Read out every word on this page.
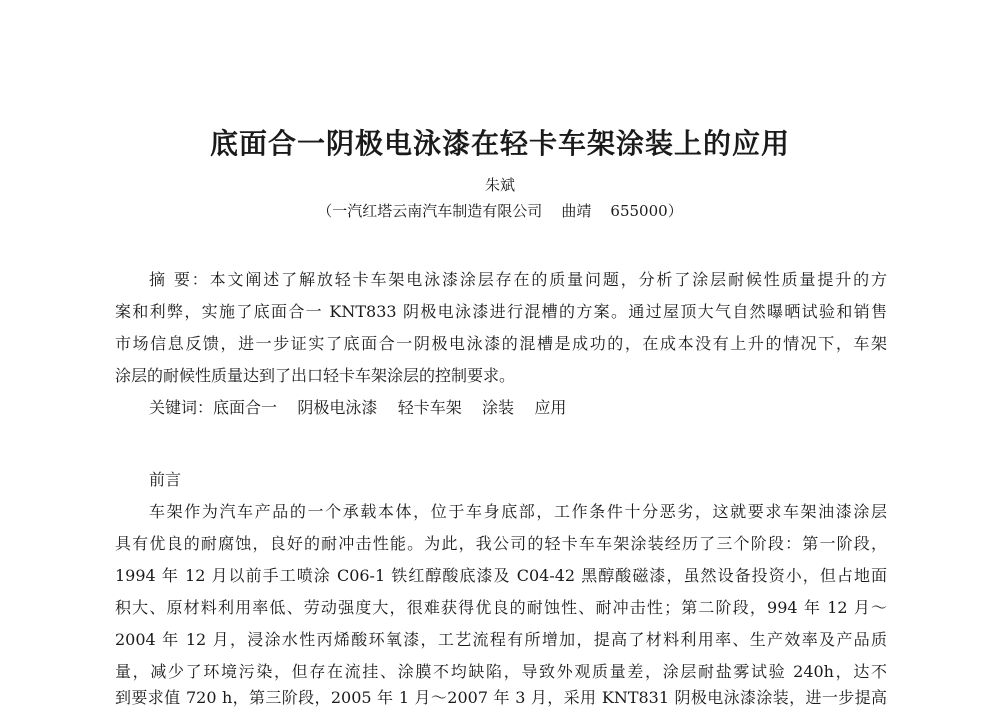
底面合一阴极电泳漆在轻卡车架涂装上的应用
朱斌
（一汽红塔云南汽车制造有限公司    曲靖    655000）
摘 要：本文阐述了解放轻卡车架电泳漆涂层存在的质量问题，分析了涂层耐候性质量提升的方
案和利弊，实施了底面合一 KNT833 阴极电泳漆进行混槽的方案。通过屋顶大气自然曝晒试验和销售
市场信息反馈，进一步证实了底面合一阴极电泳漆的混槽是成功的，在成本没有上升的情况下，车架
涂层的耐候性质量达到了出口轻卡车架涂层的控制要求。
关键词：底面合一    阴极电泳漆    轻卡车架    涂装    应用
前言
车架作为汽车产品的一个承载本体，位于车身底部，工作条件十分恶劣，这就要求车架油漆涂层
具有优良的耐腐蚀，良好的耐冲击性能。为此，我公司的轻卡车车架涂装经历了三个阶段：第一阶段，
1994 年 12 月以前手工喷涂 C06-1 铁红醇酸底漆及 C04-42 黑醇酸磁漆，虽然设备投资小，但占地面
积大、原材料利用率低、劳动强度大，很难获得优良的耐蚀性、耐冲击性；第二阶段，994 年 12 月～
2004 年 12 月，浸涂水性丙烯酸环氧漆，工艺流程有所增加，提高了材料利用率、生产效率及产品质
量，减少了环境污染，但存在流挂、涂膜不均缺陷，导致外观质量差，涂层耐盐雾试验 240h，达不
到要求值 720 h，第三阶段，2005 年 1 月～2007 年 3 月，采用 KNT831 阴极电泳漆涂装，进一步提高
